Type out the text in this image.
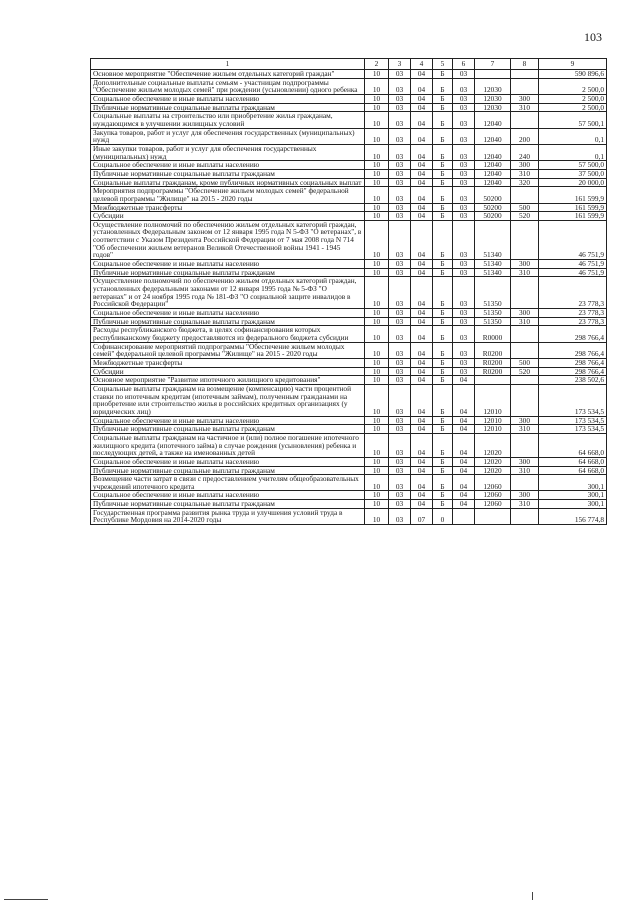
103
1	2	3	4	5	6	7	8	9
Основное мероприятие "Обеспечение жильем отдельных категорий граждан"	10	03	04	Б	03			590 896,6
Дополнительные социальные выплаты семьям - участницам подпрограммы "Обеспечение жильем молодых семей" при рождении (усыновлении) одного ребенка	10	03	04	Б	03	12030		2 500,0
Социальное обеспечение и иные выплаты населению	10	03	04	Б	03	12030	300	2 500,0
Публичные нормативные социальные выплаты гражданам	10	03	04	Б	03	12030	310	2 500,0
Социальные выплаты на строительство или приобретение жилья гражданам, нуждающимся в улучшении жилищных условий	10	03	04	Б	03	12040		57 500,1
Закупка товаров, работ и услуг для обеспечения государственных (муниципальных) нужд	10	03	04	Б	03	12040	200	0,1
Иные закупки товаров, работ и услуг для обеспечения государственных (муниципальных) нужд	10	03	04	Б	03	12040	240	0,1
Социальное обеспечение и иные выплаты населению	10	03	04	Б	03	12040	300	57 500,0
Публичные нормативные социальные выплаты гражданам	10	03	04	Б	03	12040	310	37 500,0
Социальные выплаты гражданам, кроме публичных нормативных социальных выплат	10	03	04	Б	03	12040	320	20 000,0
Мероприятия подпрограммы "Обеспечение жильем молодых семей" федеральной целевой программы "Жилище" на 2015 - 2020 годы	10	03	04	Б	03	50200		161 599,9
Межбюджетные трансферты	10	03	04	Б	03	50200	500	161 599,9
Субсидии	10	03	04	Б	03	50200	520	161 599,9
Осуществление полномочий по обеспечению жильем отдельных категорий граждан, установленных Федеральным законом от 12 января 1995 года N 5-ФЗ "О ветеранах", в соответствии с Указом Президента Российской Федерации от 7 мая 2008 года N 714 "Об обеспечении жильем ветеранов Великой Отечественной войны 1941 - 1945 годов"	10	03	04	Б	03	51340		46 751,9
Социальное обеспечение и иные выплаты населению	10	03	04	Б	03	51340	300	46 751,9
Публичные нормативные социальные выплаты гражданам	10	03	04	Б	03	51340	310	46 751,9
Осуществление полномочий по обеспечению жильем отдельных категорий граждан, установленных федеральными законами от 12 января 1995 года № 5-ФЗ "О ветеранах" и от 24 ноября 1995 года № 181-ФЗ "О социальной защите инвалидов в Российской Федерации"	10	03	04	Б	03	51350		23 778,3
Социальное обеспечение и иные выплаты населению	10	03	04	Б	03	51350	300	23 778,3
Публичные нормативные социальные выплаты гражданам	10	03	04	Б	03	51350	310	23 778,3
Расходы республиканского бюджета, в целях софинансирования которых республиканскому бюджету предоставляются из федерального бюджета субсидии	10	03	04	Б	03	R0000		298 766,4
Софинансирование мероприятий подпрограммы "Обеспечение жильем молодых семей" федеральной целевой программы "Жилище" на 2015 - 2020 годы	10	03	04	Б	03	R0200		298 766,4
Межбюджетные трансферты	10	03	04	Б	03	R0200	500	298 766,4
Субсидии	10	03	04	Б	03	R0200	520	298 766,4
Основное мероприятие "Развитие ипотечного жилищного кредитования"	10	03	04	Б	04			238 502,6
Социальные выплаты гражданам на возмещение (компенсацию) части процентной ставки по ипотечным кредитам (ипотечным займам), полученным гражданами на приобретение или строительство жилья в российских кредитных организациях (у юридических лиц)	10	03	04	Б	04	12010		173 534,5
Социальное обеспечение и иные выплаты населению	10	03	04	Б	04	12010	300	173 534,5
Публичные нормативные социальные выплаты гражданам	10	03	04	Б	04	12010	310	173 534,5
Социальные выплаты гражданам на частичное и (или) полное погашение ипотечного жилищного кредита (ипотечного займа) в случае рождения (усыновления) ребенка и последующих детей, а также на именованных детей	10	03	04	Б	04	12020		64 668,0
Социальное обеспечение и иные выплаты населению	10	03	04	Б	04	12020	300	64 668,0
Публичные нормативные социальные выплаты гражданам	10	03	04	Б	04	12020	310	64 668,0
Возмещение части затрат в связи с предоставлением учителям общеобразовательных учреждений ипотечного кредита	10	03	04	Б	04	12060		300,1
Социальное обеспечение и иные выплаты населению	10	03	04	Б	04	12060	300	300,1
Публичные нормативные социальные выплаты гражданам	10	03	04	Б	04	12060	310	300,1
Государственная программа развития рынка труда и улучшения условий труда в Республике Мордовия на 2014-2020 годы	10	03	07	0				156 774,8
